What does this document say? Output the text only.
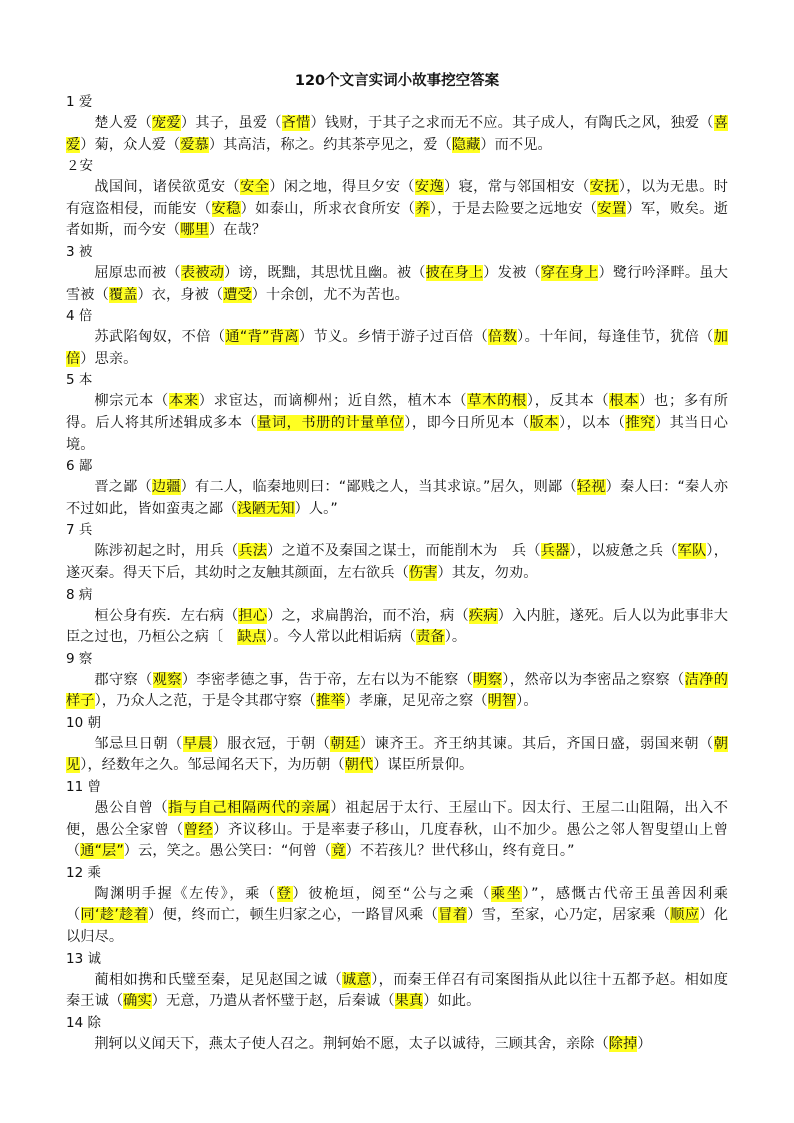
120个文言实词小故事挖空答案
1 爱
楚人爱（宠爱）其子，虽爱（吝惜）钱财，于其子之求而无不应。其子成人，有陶氏之风，独爱（喜爱）菊，众人爱（爱慕）其高洁，称之。约其茶亭见之，爱（隐藏）而不见。
２安
战国间，诸侯欲觅安（安全）闲之地，得旦夕安（安逸）寝，常与邻国相安（安抚），以为无患。时有寇盗相侵，而能安（安稳）如泰山，所求衣食所安（养），于是去险要之远地安（安置）军，败矣。逝者如斯，而今安（哪里）在哉？
3 被
屈原忠而被（表被动）谤，既黜，其思忧且幽。被（披在身上）发被（穿在身上）鹭行吟泽畔。虽大雪被（覆盖）衣，身被（遭受）十余创，尤不为苦也。
4 倍
苏武陷匈奴，不倍（通“背”背离）节义。乡情于游子过百倍（倍数）。十年间，每逢佳节，犹倍（加倍）思亲。
5 本
柳宗元本（本来）求宦达，而谪柳州；近自然，植木本（草木的根），反其本（根本）也；多有所得。后人将其所述辑成多本（量词，书册的计量单位），即今日所见本（版本），以本（推究）其当日心境。
6 鄙
晋之鄙（边疆）有二人，临秦地则曰：“鄙贱之人，当其求谅。”居久，则鄙（轻视）秦人曰：“秦人亦不过如此，皆如蛮夷之鄙（浅陋无知）人。”
7 兵
陈涉初起之时，用兵（兵法）之道不及秦国之谋士，而能削木为　兵（兵器），以疲惫之兵（军队），遂灭秦。得天下后，其幼时之友触其颜面，左右欲兵（伤害）其友，勿劝。
8 病
桓公身有疾．左右病（担心）之，求扁鹊治，而不治，病（疾病）入内脏，遂死。后人以为此事非大臣之过也，乃桓公之病〔　缺点）。今人常以此相诟病（责备）。
9 察
郡守察（观察）李密孝德之事，告于帝，左右以为不能察（明察），然帝以为李密品之察察（洁净的样子），乃众人之范，于是令其郡守察（推举）孝廉，足见帝之察（明智）。
10 朝
邹忌旦日朝（早晨）服衣冠，于朝（朝廷）谏齐王。齐王纳其谏。其后，齐国日盛，弱国来朝（朝见），经数年之久。邹忌闻名天下，为历朝（朝代）谋臣所景仰。
11 曾
愚公自曾（指与自己相隔两代的亲属）祖起居于太行、王屋山下。因太行、王屋二山阻隔，出入不便，愚公全家曾（曾经）齐议移山。于是率妻子移山，几度春秋，山不加少。愚公之邻人智叟望山上曾（通“层”）云，笑之。愚公笑曰：“何曾（竟）不若孩儿？世代移山，终有竟日。”
12 乘
陶渊明手握《左传》，乘（登）彼桅垣，阅至“公与之乘（乘坐）”，感慨古代帝王虽善因利乘（同‘趁’趁着）便，终而亡，顿生归家之心，一路冒风乘（冒着）雪，至家，心乃定，居家乘（顺应）化以归尽。
13 诚
蔺相如携和氏璧至秦，足见赵国之诚（诚意），而秦王佯召有司案图指从此以往十五都予赵。相如度秦王诚（确实）无意，乃遣从者怀璧于赵，后秦诚（果真）如此。
14 除
荆轲以义闻天下，燕太子使人召之。荆轲始不愿，太子以诚待，三顾其舍，亲除（除掉）
